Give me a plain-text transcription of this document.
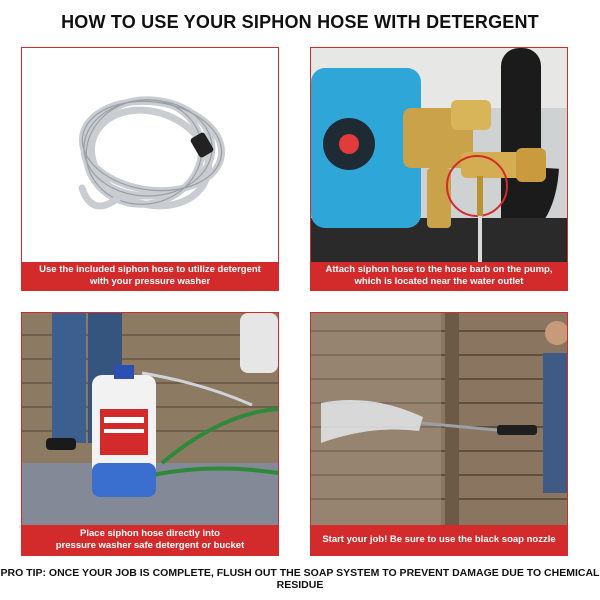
HOW TO USE YOUR SIPHON HOSE WITH DETERGENT
Use the included siphon hose to utilize detergent
with your pressure washer
Attach siphon hose to the hose barb on the pump,
which is located near the water outlet
Place siphon hose directly into
pressure washer safe detergent or bucket
Start your job! Be sure to use the black soap nozzle
PRO TIP: ONCE YOUR JOB IS COMPLETE, FLUSH OUT THE SOAP SYSTEM TO PREVENT DAMAGE DUE TO CHEMICAL RESIDUE
